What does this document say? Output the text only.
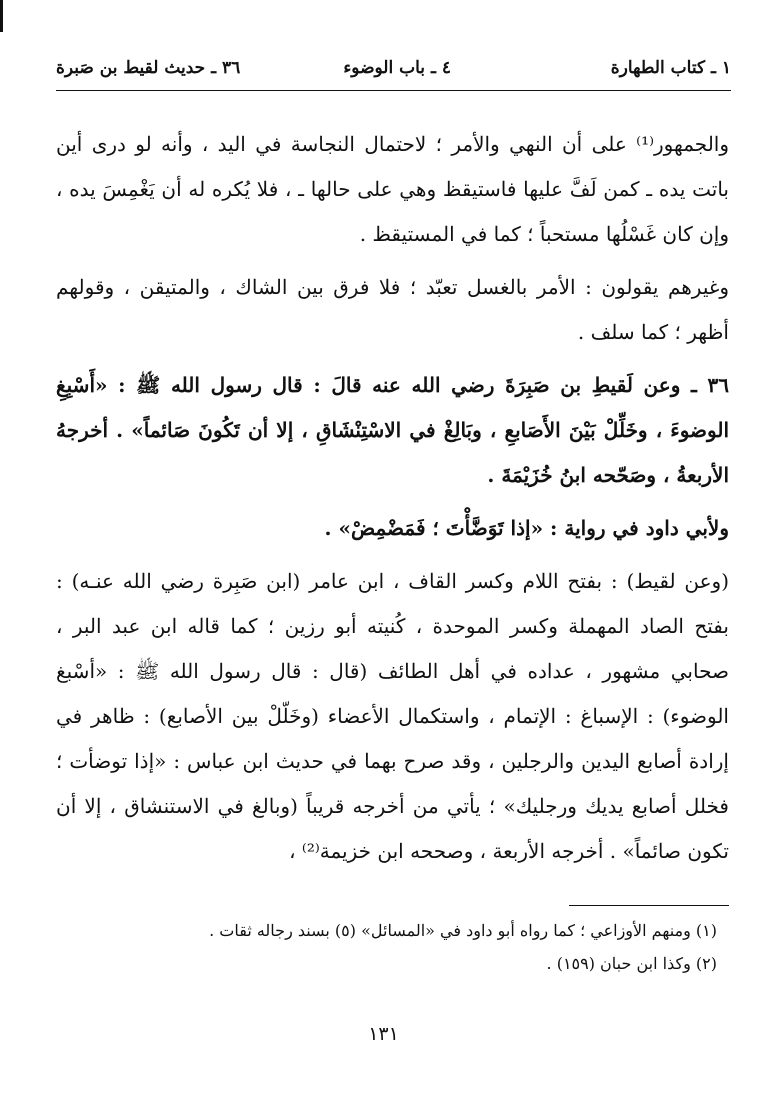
١ ـ كتاب الطهارة
٤ ـ باب الوضوء
٣٦ ـ حديث لقيط بن صَبرة

والجمهور⁽¹⁾ على أن النهي والأمر ؛ لاحتمال النجاسة في اليد ، وأنه لو درى أين باتت يده ـ كمن لَفَّ عليها فاستيقظ وهي على حالها ـ ، فلا يُكره له أن يَغْمِسَ يده ، وإن كان غَسْلُها مستحباً ؛ كما في المستيقظ .

وغيرهم يقولون : الأمر بالغسل تعبّد ؛ فلا فرق بين الشاك ، والمتيقن ، وقولهم أظهر ؛ كما سلف .

٣٦ ـ وعن لَقيطِ بن صَبِرَةَ رضي الله عنه قالَ : قال رسول الله ﷺ : «أَسْبِغِ الوضوءَ ، وخَلِّلْ بَيْنَ الأَصَابعِ ، وبَالِغْ في الاسْتِنْشَاقِ ، إلا أن تَكُونَ صَائماً» . أخرجهُ الأربعةُ ، وصَحّحه ابنُ خُزَيْمَةَ .

ولأبي داود في رواية : «إذا تَوَضَّأْتَ ؛ فَمَضْمِضْ» .

(وعن لقيط) : بفتح اللام وكسر القاف ، ابن عامر (ابن صَبِرة رضي الله عنـه) : بفتح الصاد المهملة وكسر الموحدة ، كُنيته أبو رزين ؛ كما قاله ابن عبد البر ، صحابي مشهور ، عداده في أهل الطائف (قال : قال رسول الله ﷺ : «أسْبغ الوضوء) : الإسباغ : الإتمام ، واستكمال الأعضاء (وخَلّلْ بين الأصابع) : ظاهر في إرادة أصابع اليدين والرجلين ، وقد صرح بهما في حديث ابن عباس : «إذا توضأت ؛ فخلل أصابع يديك ورجليك» ؛ يأتي من أخرجه قريباً (وبالغ في الاستنشاق ، إلا أن تكون صائماً» . أخرجه الأربعة ، وصححه ابن خزيمة⁽²⁾ ،

(١) ومنهم الأوزاعي ؛ كما رواه أبو داود في «المسائل» (٥) بسند رجاله ثقات .

(٢) وكذا ابن حبان (١٥٩) .

١٣١
